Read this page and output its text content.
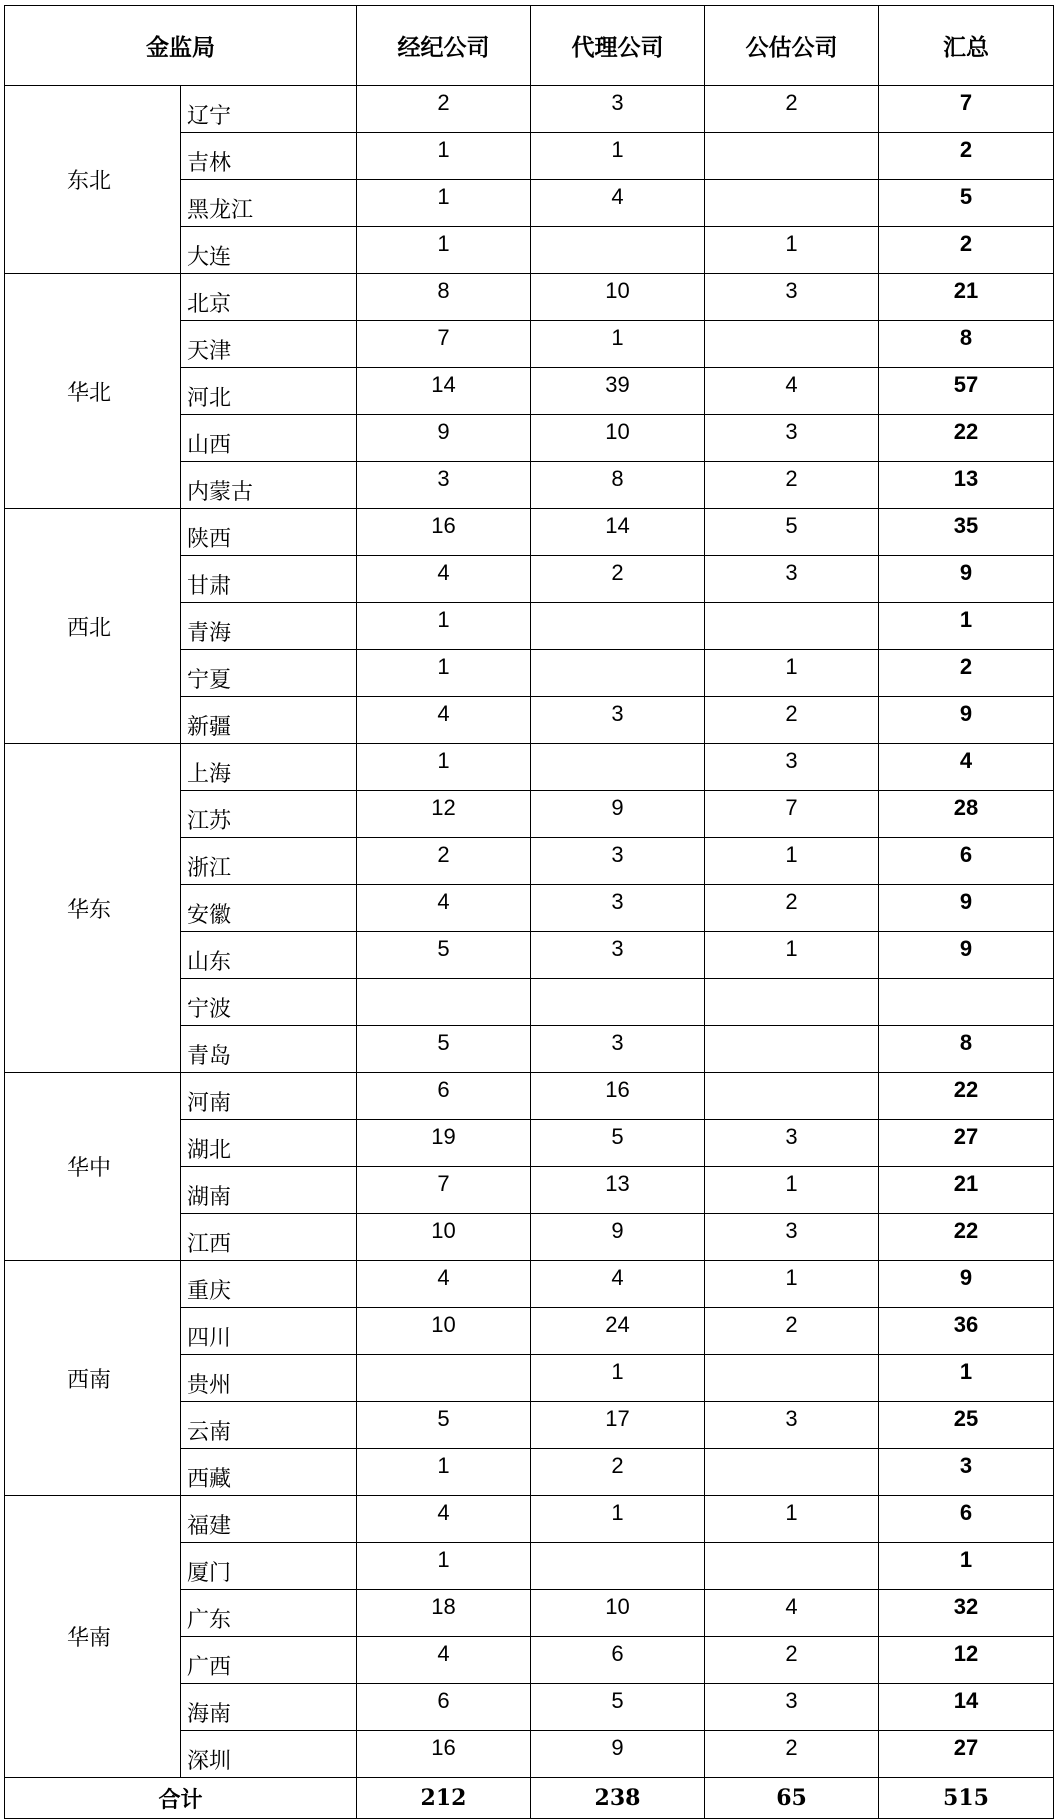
金监局		经纪公司	代理公司	公估公司	汇总
东北	辽宁	2	3	2	7
	吉林	1	1		2
	黑龙江	1	4		5
	大连	1		1	2
华北	北京	8	10	3	21
	天津	7	1		8
	河北	14	39	4	57
	山西	9	10	3	22
	内蒙古	3	8	2	13
西北	陕西	16	14	5	35
	甘肃	4	2	3	9
	青海	1			1
	宁夏	1		1	2
	新疆	4	3	2	9
华东	上海	1		3	4
	江苏	12	9	7	28
	浙江	2	3	1	6
	安徽	4	3	2	9
	山东	5	3	1	9
	宁波				
	青岛	5	3		8
华中	河南	6	16		22
	湖北	19	5	3	27
	湖南	7	13	1	21
	江西	10	9	3	22
西南	重庆	4	4	1	9
	四川	10	24	2	36
	贵州		1		1
	云南	5	17	3	25
	西藏	1	2		3
华南	福建	4	1	1	6
	厦门	1			1
	广东	18	10	4	32
	广西	4	6	2	12
	海南	6	5	3	14
	深圳	16	9	2	27
合计		212	238	65	515
